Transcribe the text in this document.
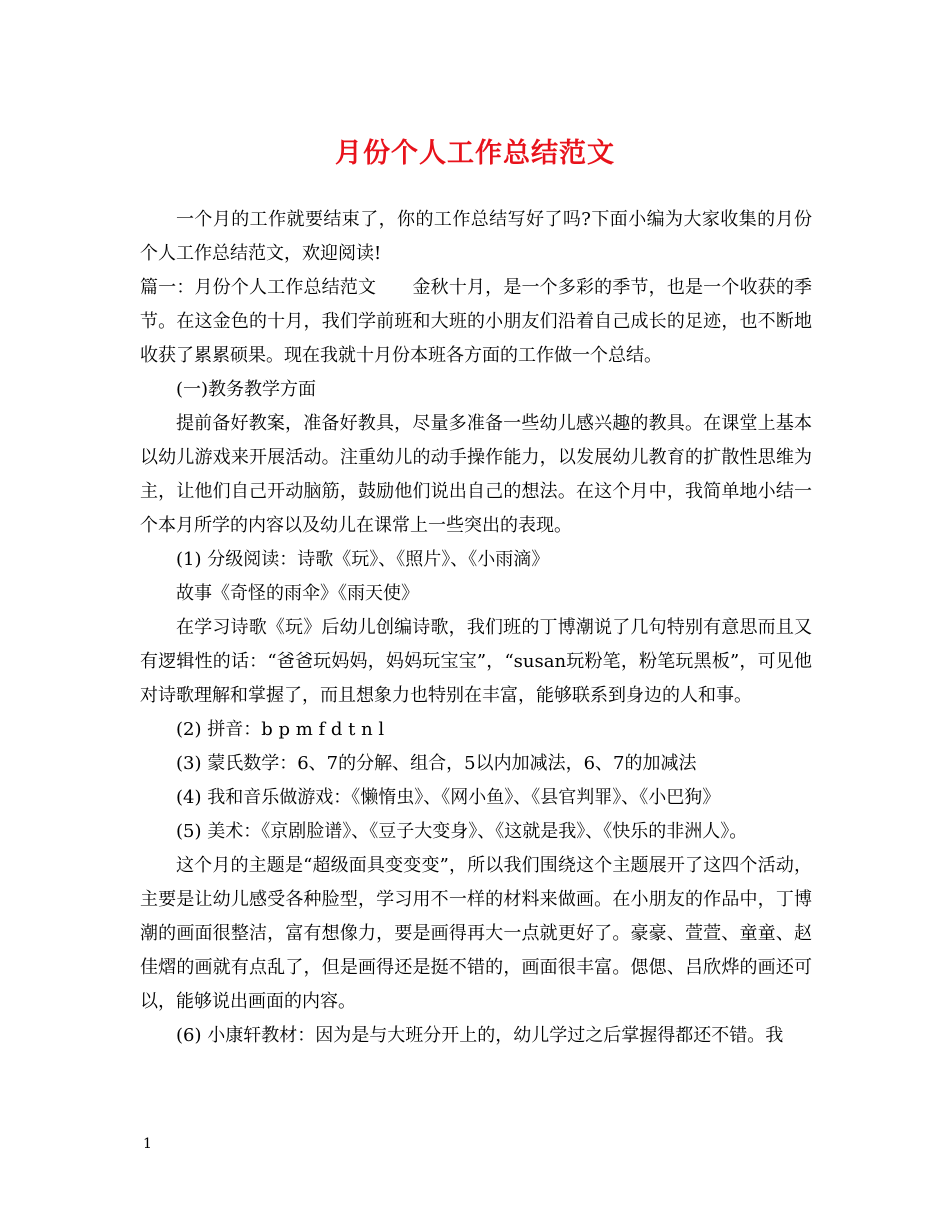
月份个人工作总结范文

一个月的工作就要结束了，你的工作总结写好了吗?下面小编为大家收集的月份个人工作总结范文，欢迎阅读!

篇一：月份个人工作总结范文　　金秋十月，是一个多彩的季节，也是一个收获的季节。在这金色的十月，我们学前班和大班的小朋友们沿着自己成长的足迹，也不断地收获了累累硕果。现在我就十月份本班各方面的工作做一个总结。

(一)教务教学方面

提前备好教案，准备好教具，尽量多准备一些幼儿感兴趣的教具。在课堂上基本以幼儿游戏来开展活动。注重幼儿的动手操作能力，以发展幼儿教育的扩散性思维为主，让他们自己开动脑筋，鼓励他们说出自己的想法。在这个月中，我简单地小结一个本月所学的内容以及幼儿在课常上一些突出的表现。

(1) 分级阅读：诗歌《玩》、《照片》、《小雨滴》

故事《奇怪的雨伞》《雨天使》

在学习诗歌《玩》后幼儿创编诗歌，我们班的丁博潮说了几句特别有意思而且又有逻辑性的话：“爸爸玩妈妈，妈妈玩宝宝”，“susan玩粉笔，粉笔玩黑板”，可见他对诗歌理解和掌握了，而且想象力也特别在丰富，能够联系到身边的人和事。

(2) 拼音：b p m f d t n l

(3) 蒙氏数学：6、7的分解、组合，5以内加减法，6、7的加减法

(4) 我和音乐做游戏：《懒惰虫》、《网小鱼》、《县官判罪》、《小巴狗》

(5) 美术：《京剧脸谱》、《豆子大变身》、《这就是我》、《快乐的非洲人》。

这个月的主题是“超级面具变变变”，所以我们围绕这个主题展开了这四个活动，主要是让幼儿感受各种脸型，学习用不一样的材料来做画。在小朋友的作品中，丁博潮的画面很整洁，富有想像力，要是画得再大一点就更好了。豪豪、萱萱、童童、赵佳熠的画就有点乱了，但是画得还是挺不错的，画面很丰富。偲偲、吕欣烨的画还可以，能够说出画面的内容。

(6) 小康轩教材：因为是与大班分开上的，幼儿学过之后掌握得都还不错。我

1
